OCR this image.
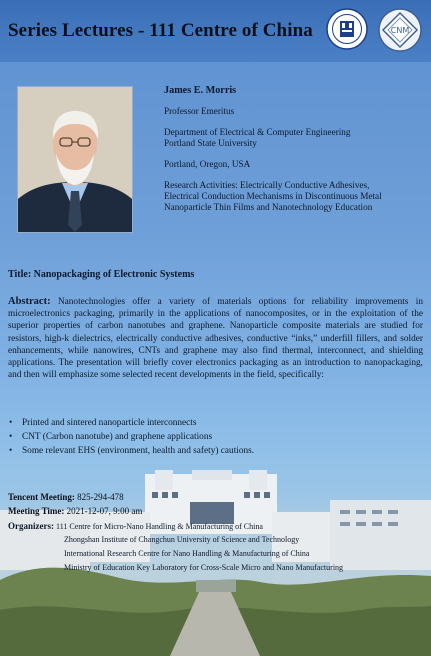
Series Lectures - 111 Centre of China	CNM
James E. Morris

Professor Emeritus

Department of Electrical & Computer Engineering
Portland State University

Portland, Oregon, USA

Research Activities: Electrically Conductive Adhesives,
Electrical Conduction Mechanisms in Discontinuous Metal
Nanoparticle Thin Films and Nanotechnology Education

Title: Nanopackaging of Electronic Systems
Abstract: Nanotechnologies offer a variety of materials options for reliability improvements in microelectronics packaging, primarily in the applications of nanocomposites, or in the exploitation of the superior properties of carbon nanotubes and graphene. Nanoparticle composite materials are studied for resistors, high-k dielectrics, electrically conductive adhesives, conductive “inks,” underfill fillers, and solder enhancements, while nanowires, CNTs and graphene may also find thermal, interconnect, and shielding applications. The presentation will briefly cover electronics packaging as an introduction to nanopackaging, and then will emphasize some selected recent developments in the field, specifically:
• Printed and sintered nanoparticle interconnects
• CNT (Carbon nanotube) and graphene applications
• Some relevant EHS (environment, health and safety) cautions.
Tencent Meeting: 825-294-478
Meeting Time: 2021-12-07, 9:00 am
Organizers: 111 Centre for Micro-Nano Handling & Manufacturing of China
Zhongshan Institute of Changchun University of Science and Technology
International Research Centre for Nano Handling & Manufacturing of China
Ministry of Education Key Laboratory for Cross-Scale Micro and Nano Manufacturing
